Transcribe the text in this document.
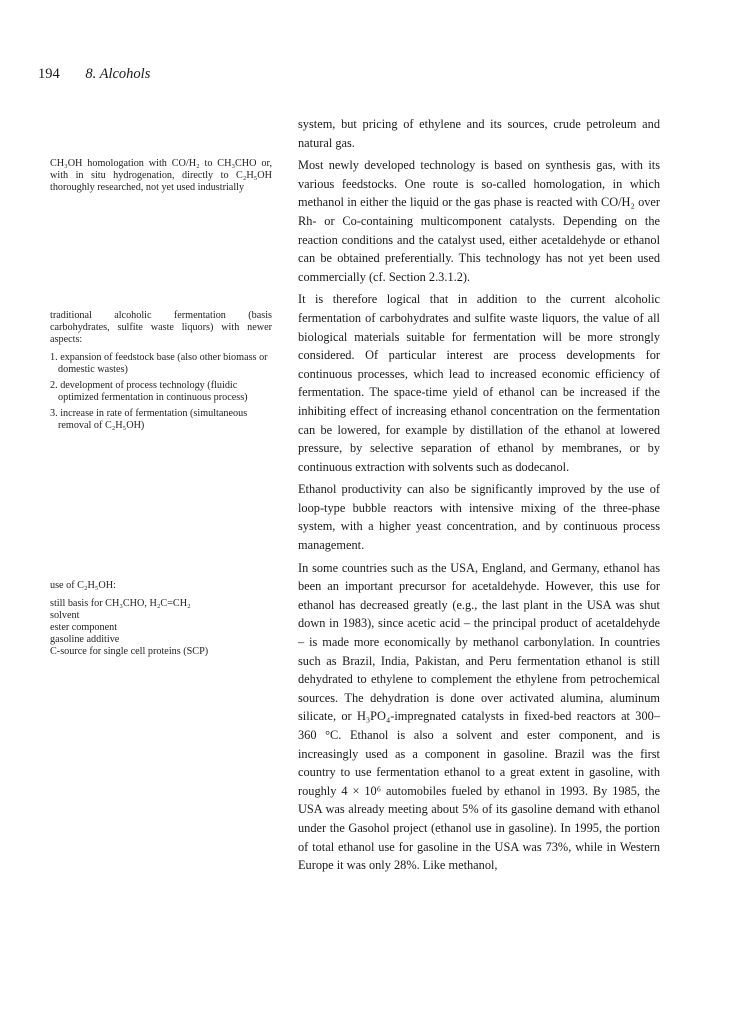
194 8. Alcohols

CH₃OH homologation with CO/H₂ to CH₃CHO or, with in situ hydrogenation, directly to C₂H₅OH thoroughly researched, not yet used industrially

traditional alcoholic fermentation (basis carbohydrates, sulfite waste liquors) with newer aspects:

1. expansion of feedstock base (also other biomass or domestic wastes)
2. development of process technology (fluidic optimized fermentation in continuous process)
3. increase in rate of fermentation (simultaneous removal of C₂H₅OH)

use of C₂H₅OH:

still basis for CH₃CHO, H₂C=CH₂
solvent
ester component
gasoline additive
C-source for single cell proteins (SCP)

system, but pricing of ethylene and its sources, crude petroleum and natural gas.

Most newly developed technology is based on synthesis gas, with its various feedstocks. One route is so-called homologation, in which methanol in either the liquid or the gas phase is reacted with CO/H₂ over Rh- or Co-containing multicomponent catalysts. Depending on the reaction conditions and the catalyst used, either acetaldehyde or ethanol can be obtained preferentially. This technology has not yet been used commercially (cf. Section 2.3.1.2).

It is therefore logical that in addition to the current alcoholic fermentation of carbohydrates and sulfite waste liquors, the value of all biological materials suitable for fermentation will be more strongly considered. Of particular interest are process developments for continuous processes, which lead to increased economic efficiency of fermentation. The space-time yield of ethanol can be increased if the inhibiting effect of increasing ethanol concentration on the fermentation can be lowered, for example by distillation of the ethanol at lowered pressure, by selective separation of ethanol by membranes, or by continuous extraction with solvents such as dodecanol.

Ethanol productivity can also be significantly improved by the use of loop-type bubble reactors with intensive mixing of the three-phase system, with a higher yeast concentration, and by continuous process management.

In some countries such as the USA, England, and Germany, ethanol has been an important precursor for acetaldehyde. However, this use for ethanol has decreased greatly (e.g., the last plant in the USA was shut down in 1983), since acetic acid – the principal product of acetaldehyde – is made more economically by methanol carbonylation. In countries such as Brazil, India, Pakistan, and Peru fermentation ethanol is still dehydrated to ethylene to complement the ethylene from petrochemical sources. The dehydration is done over activated alumina, aluminum silicate, or H₃PO₄-impregnated catalysts in fixed-bed reactors at 300–360 °C. Ethanol is also a solvent and ester component, and is increasingly used as a component in gasoline. Brazil was the first country to use fermentation ethanol to a great extent in gasoline, with roughly 4 × 10⁶ automobiles fueled by ethanol in 1993. By 1985, the USA was already meeting about 5% of its gasoline demand with ethanol under the Gasohol project (ethanol use in gasoline). In 1995, the portion of total ethanol use for gasoline in the USA was 73%, while in Western Europe it was only 28%. Like methanol,
